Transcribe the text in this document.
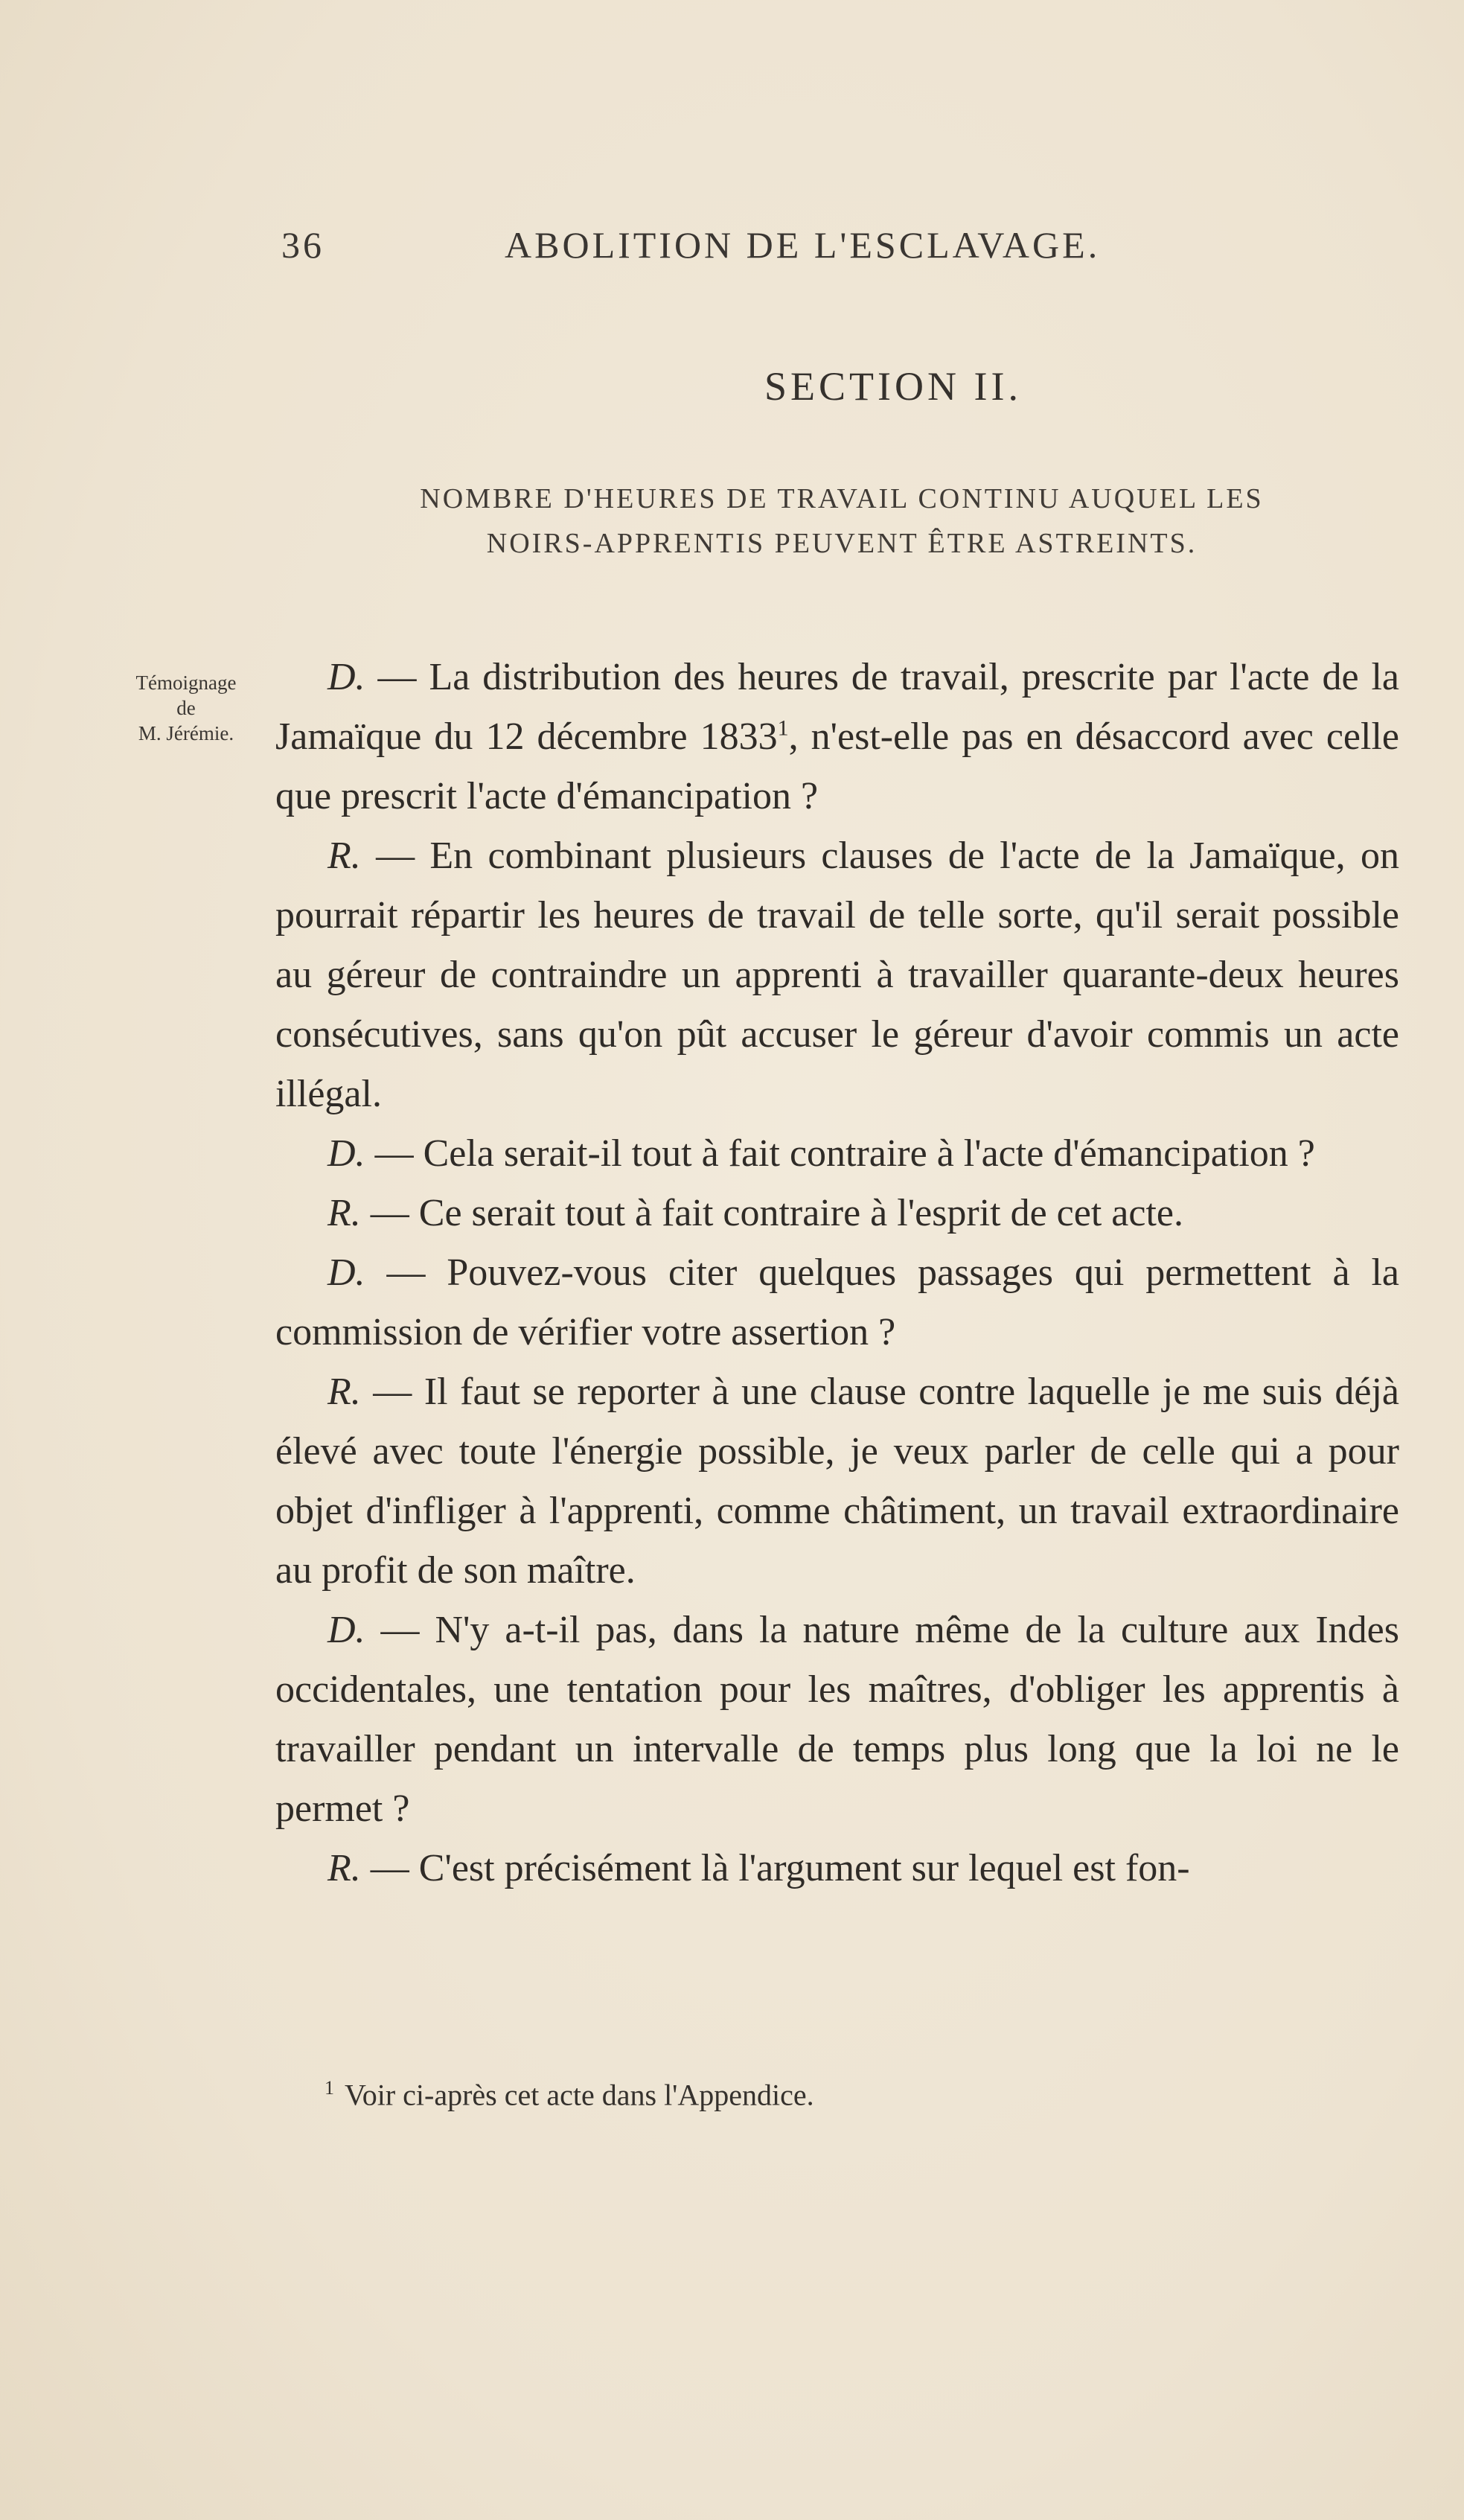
36	ABOLITION DE L'ESCLAVAGE.
SECTION II.
NOMBRE D'HEURES DE TRAVAIL CONTINU AUQUEL LES
NOIRS-APPRENTIS PEUVENT ÊTRE ASTREINTS.
Témoignage
de
M. Jérémie.

D. — La distribution des heures de travail, prescrite par l'acte de la Jamaïque du 12 décembre 1833$^1$, n'est-elle pas en désaccord avec celle que prescrit l'acte d'émancipation ?

R. — En combinant plusieurs clauses de l'acte de la Jamaïque, on pourrait répartir les heures de travail de telle sorte, qu'il serait possible au géreur de contraindre un apprenti à travailler quarante-deux heures consécutives, sans qu'on pût accuser le géreur d'avoir commis un acte illégal.

D. — Cela serait-il tout à fait contraire à l'acte d'émancipation ?

R. — Ce serait tout à fait contraire à l'esprit de cet acte.

D. — Pouvez-vous citer quelques passages qui permettent à la commission de vérifier votre assertion ?

R. — Il faut se reporter à une clause contre laquelle je me suis déjà élevé avec toute l'énergie possible, je veux parler de celle qui a pour objet d'infliger à l'apprenti, comme châtiment, un travail extraordinaire au profit de son maître.

D. — N'y a-t-il pas, dans la nature même de la culture aux Indes occidentales, une tentation pour les maîtres, d'obliger les apprentis à travailler pendant un intervalle de temps plus long que la loi ne le permet ?

R. — C'est précisément là l'argument sur lequel est fon-

$^1$ Voir ci-après cet acte dans l'Appendice.
